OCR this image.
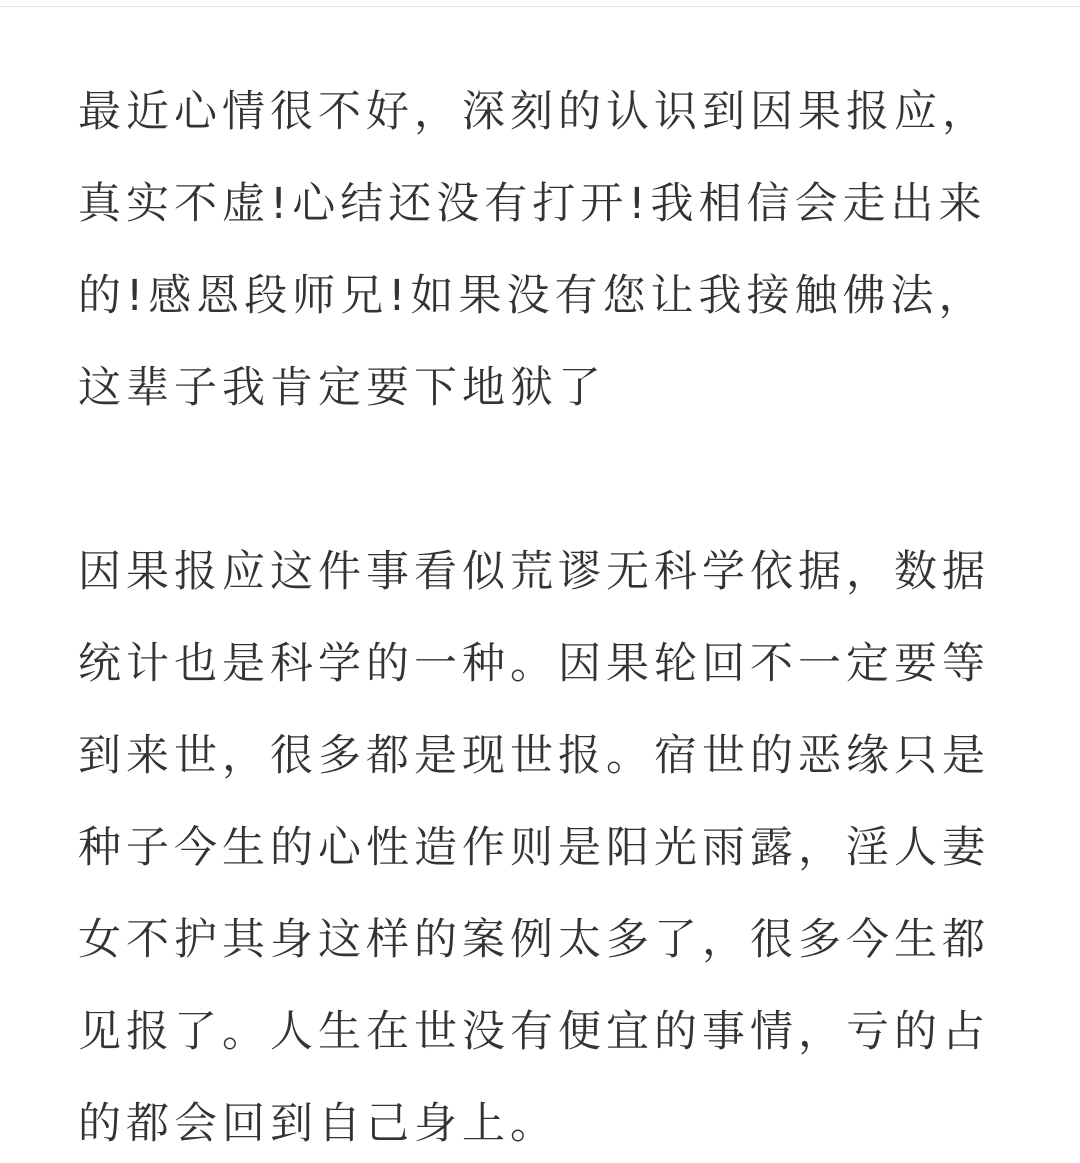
最近心情很不好，深刻的认识到因果报应，
真实不虚!心结还没有打开!我相信会走出来
的!感恩段师兄!如果没有您让我接触佛法，
这辈子我肯定要下地狱了

因果报应这件事看似荒谬无科学依据，数据
统计也是科学的一种。因果轮回不一定要等
到来世，很多都是现世报。宿世的恶缘只是
种子今生的心性造作则是阳光雨露，淫人妻
女不护其身这样的案例太多了，很多今生都
见报了。人生在世没有便宜的事情，亏的占
的都会回到自己身上。
